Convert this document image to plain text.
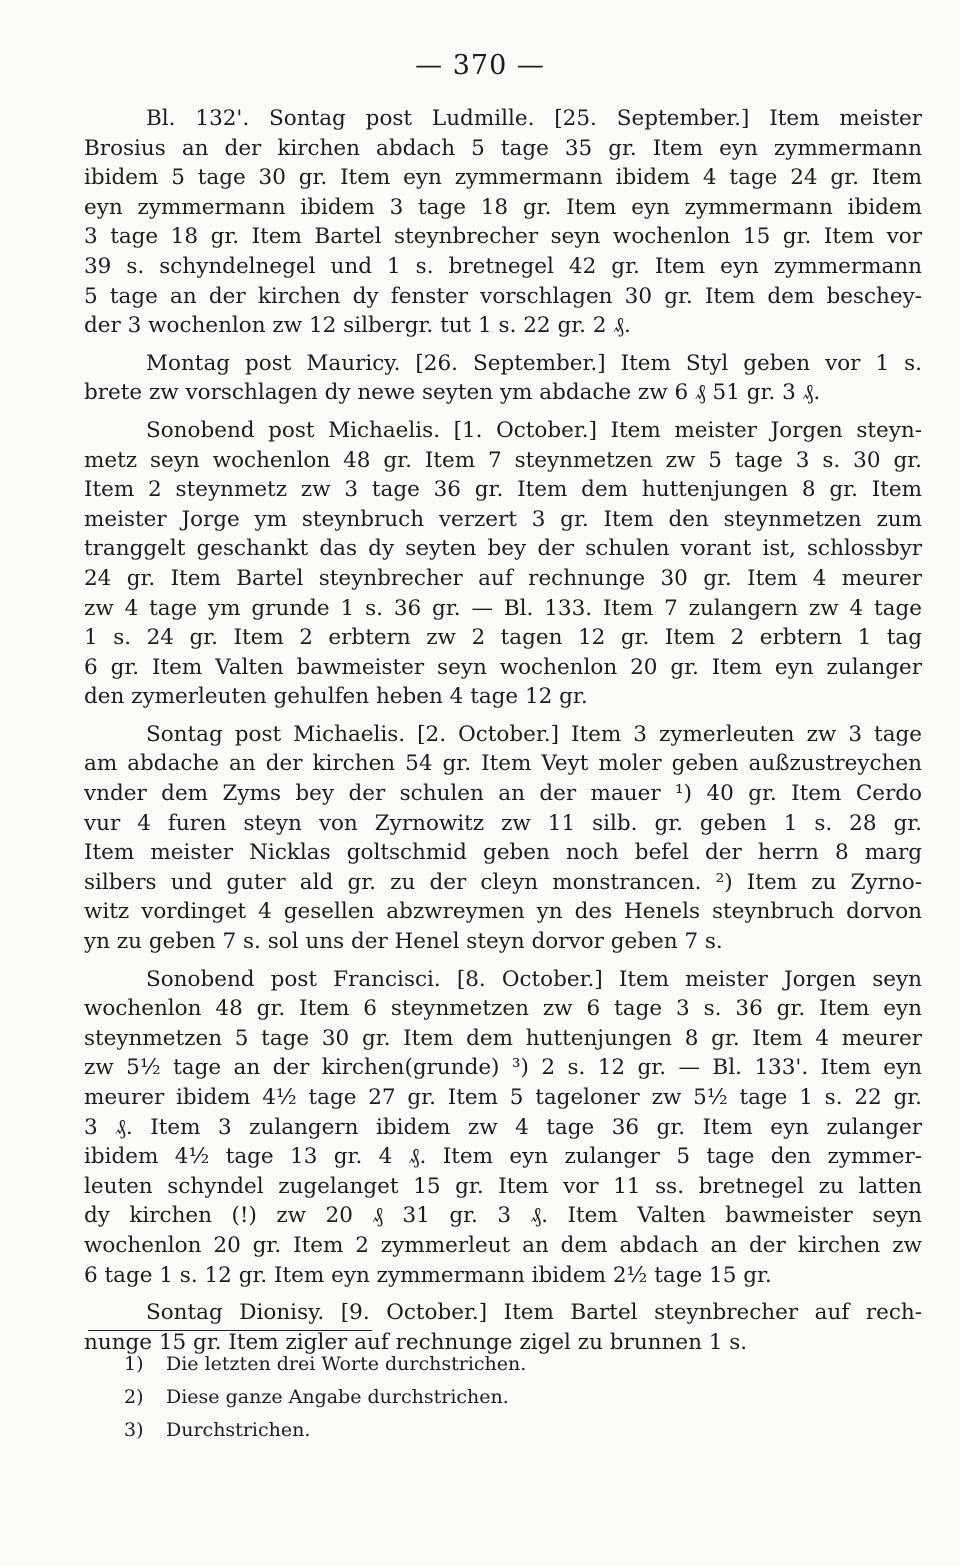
— 370 —
Bl. 132'. Sontag post Ludmille. [25. September.] Item meister
Brosius an der kirchen abdach 5 tage 35 gr. Item eyn zymmermann
ibidem 5 tage 30 gr. Item eyn zymmermann ibidem 4 tage 24 gr. Item
eyn zymmermann ibidem 3 tage 18 gr. Item eyn zymmermann ibidem
3 tage 18 gr. Item Bartel steynbrecher seyn wochenlon 15 gr. Item vor
39 s. schyndelnegel und 1 s. bretnegel 42 gr. Item eyn zymmermann
5 tage an der kirchen dy fenster vorschlagen 30 gr. Item dem beschey-
der 3 wochenlon zw 12 silbergr. tut 1 s. 22 gr. 2 ₰.
Montag post Mauricy. [26. September.] Item Styl geben vor 1 s.
brete zw vorschlagen dy newe seyten ym abdache zw 6 ₰ 51 gr. 3 ₰.
Sonobend post Michaelis. [1. October.] Item meister Jorgen steyn-
metz seyn wochenlon 48 gr. Item 7 steynmetzen zw 5 tage 3 s. 30 gr.
Item 2 steynmetz zw 3 tage 36 gr. Item dem huttenjungen 8 gr. Item
meister Jorge ym steynbruch verzert 3 gr. Item den steynmetzen zum
tranggelt geschankt das dy seyten bey der schulen vorant ist, schlossbyr
24 gr. Item Bartel steynbrecher auf rechnunge 30 gr. Item 4 meurer
zw 4 tage ym grunde 1 s. 36 gr. — Bl. 133. Item 7 zulangern zw 4 tage
1 s. 24 gr. Item 2 erbtern zw 2 tagen 12 gr. Item 2 erbtern 1 tag
6 gr. Item Valten bawmeister seyn wochenlon 20 gr. Item eyn zulanger
den zymerleuten gehulfen heben 4 tage 12 gr.
Sontag post Michaelis. [2. October.] Item 3 zymerleuten zw 3 tage
am abdache an der kirchen 54 gr. Item Veyt moler geben außzustreychen
vnder dem Zyms bey der schulen an der mauer ¹) 40 gr. Item Cerdo
vur 4 furen steyn von Zyrnowitz zw 11 silb. gr. geben 1 s. 28 gr.
Item meister Nicklas goltschmid geben noch befel der herrn 8 marg
silbers und guter ald gr. zu der cleyn monstrancen. ²) Item zu Zyrno-
witz vordinget 4 gesellen abzwreymen yn des Henels steynbruch dorvon
yn zu geben 7 s. sol uns der Henel steyn dorvor geben 7 s.
Sonobend post Francisci. [8. October.] Item meister Jorgen seyn
wochenlon 48 gr. Item 6 steynmetzen zw 6 tage 3 s. 36 gr. Item eyn
steynmetzen 5 tage 30 gr. Item dem huttenjungen 8 gr. Item 4 meurer
zw 5½ tage an der kirchen(grunde) ³) 2 s. 12 gr. — Bl. 133'. Item eyn
meurer ibidem 4½ tage 27 gr. Item 5 tageloner zw 5½ tage 1 s. 22 gr.
3 ₰. Item 3 zulangern ibidem zw 4 tage 36 gr. Item eyn zulanger
ibidem 4½ tage 13 gr. 4 ₰. Item eyn zulanger 5 tage den zymmer-
leuten schyndel zugelanget 15 gr. Item vor 11 ss. bretnegel zu latten
dy kirchen (!) zw 20 ₰ 31 gr. 3 ₰. Item Valten bawmeister seyn
wochenlon 20 gr. Item 2 zymmerleut an dem abdach an der kirchen zw
6 tage 1 s. 12 gr. Item eyn zymmermann ibidem 2½ tage 15 gr.
Sontag Dionisy. [9. October.] Item Bartel steynbrecher auf rech-
nunge 15 gr. Item zigler auf rechnunge zigel zu brunnen 1 s.
1) Die letzten drei Worte durchstrichen.
2) Diese ganze Angabe durchstrichen.
3) Durchstrichen.
